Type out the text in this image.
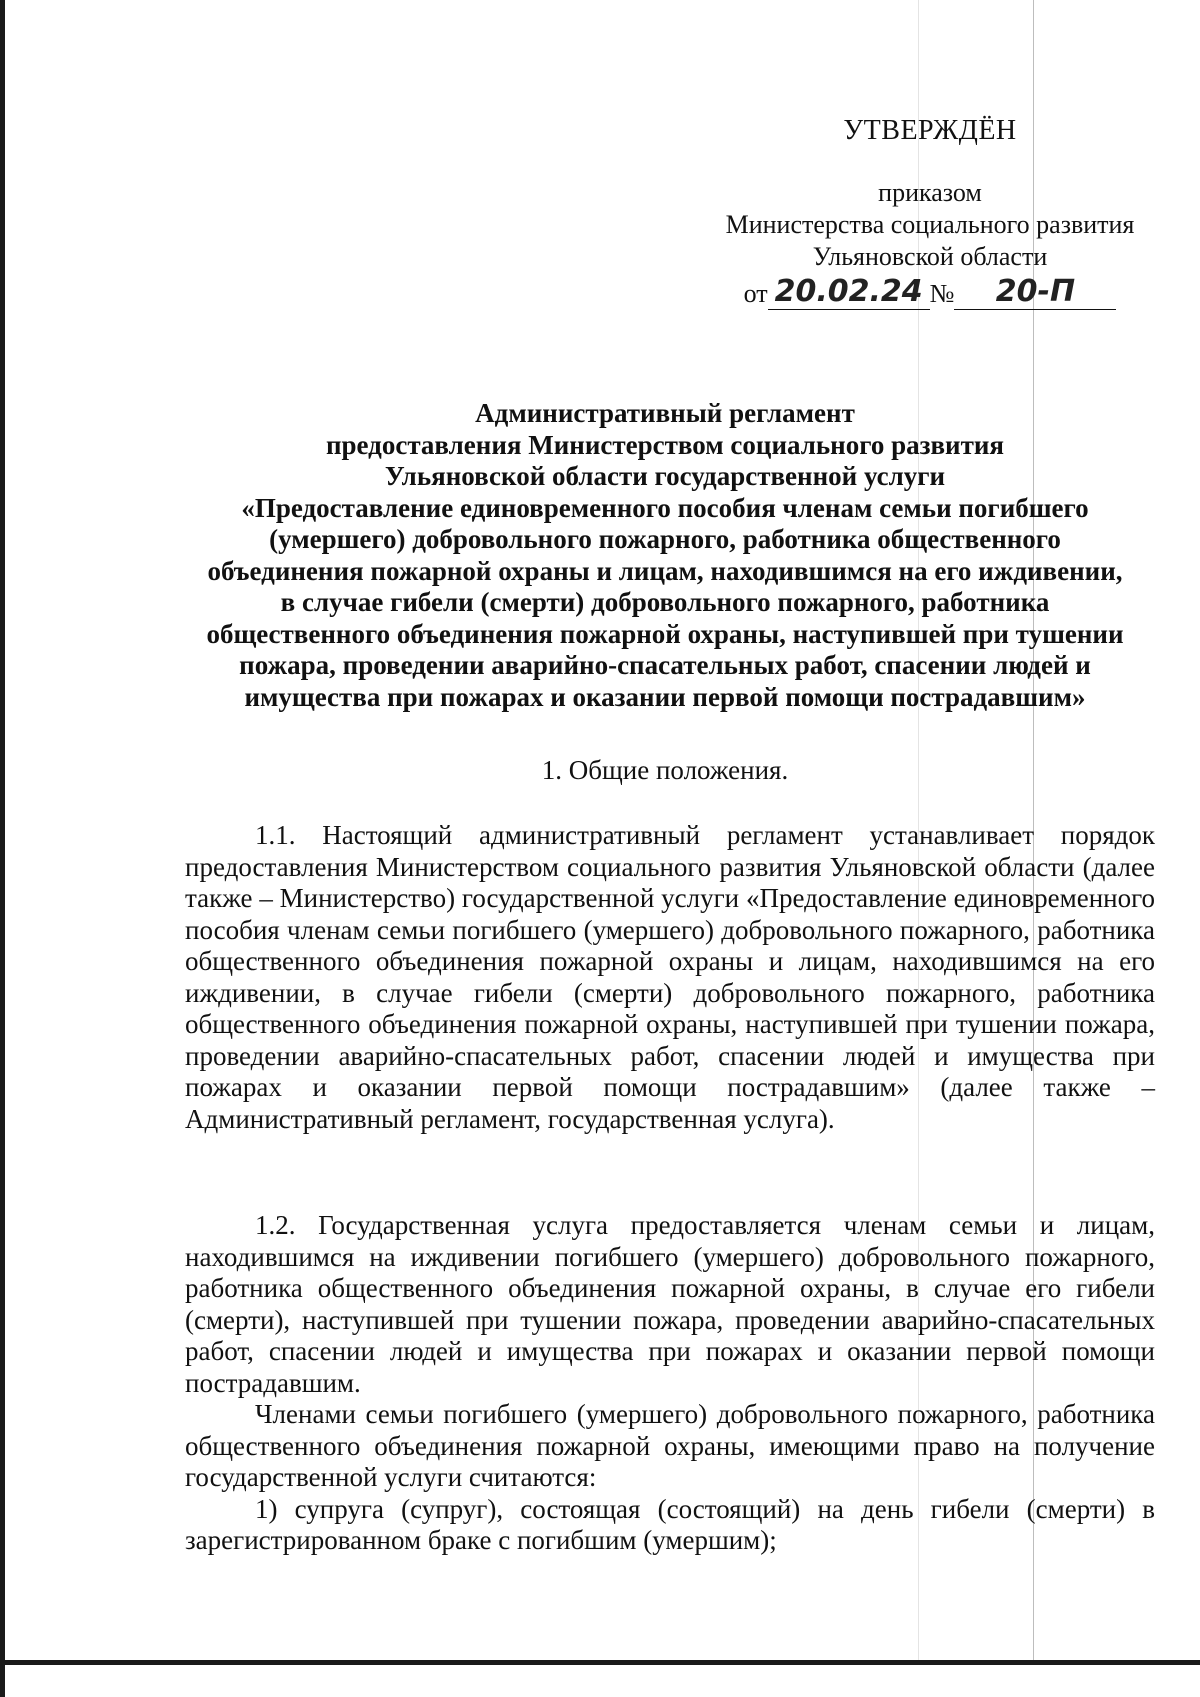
УТВЕРЖДЁН
приказом
Министерства социального развития
Ульяновской области
от 20.02.24 №	20-П
Административный регламент
предоставления Министерством социального развития
Ульяновской области государственной услуги
«Предоставление единовременного пособия членам семьи погибшего
(умершего) добровольного пожарного, работника общественного
объединения пожарной охраны и лицам, находившимся на его иждивении,
в случае гибели (смерти) добровольного пожарного, работника
общественного объединения пожарной охраны, наступившей при тушении
пожара, проведении аварийно-спасательных работ, спасении людей и
имущества при пожарах и оказании первой помощи пострадавшим»
1. Общие положения.

1.1. Настоящий административный регламент устанавливает порядок предоставления Министерством социального развития Ульяновской области (далее также – Министерство) государственной услуги «Предоставление единовременного пособия членам семьи погибшего (умершего) добровольного пожарного, работника общественного объединения пожарной охраны и лицам, находившимся на его иждивении, в случае гибели (смерти) добровольного пожарного, работника общественного объединения пожарной охраны, наступившей при тушении пожара, проведении аварийно-спасательных работ, спасении людей и имущества при пожарах и оказании первой помощи пострадавшим» (далее также – Административный регламент, государственная услуга).

1.2. Государственная услуга предоставляется членам семьи и лицам, находившимся на иждивении погибшего (умершего) добровольного пожарного, работника общественного объединения пожарной охраны, в случае его гибели (смерти), наступившей при тушении пожара, проведении аварийно-спасательных работ, спасении людей и имущества при пожарах и оказании первой помощи пострадавшим.

Членами семьи погибшего (умершего) добровольного пожарного, работника общественного объединения пожарной охраны, имеющими право на получение государственной услуги считаются:

1) супруга (супруг), состоящая (состоящий) на день гибели (смерти) в зарегистрированном браке с погибшим (умершим);
